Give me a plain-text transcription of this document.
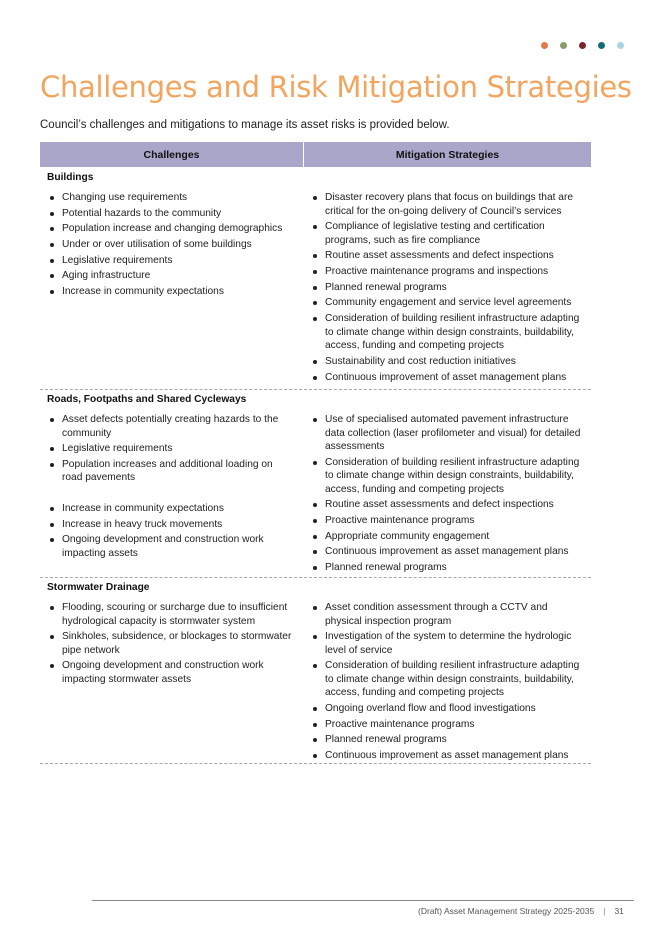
Challenges and Risk Mitigation Strategies

Council’s challenges and mitigations to manage its asset risks is provided below.

Challenges	Mitigation Strategies
Buildings
Changing use requirements
Potential hazards to the community
Population increase and changing demographics
Under or over utilisation of some buildings
Legislative requirements
Aging infrastructure
Increase in community expectations
Disaster recovery plans that focus on buildings that are critical for the on-going delivery of Council’s services
Compliance of legislative testing and certification programs, such as fire compliance
Routine asset assessments and defect inspections
Proactive maintenance programs and inspections
Planned renewal programs
Community engagement and service level agreements
Consideration of building resilient infrastructure adapting to climate change within design constraints, buildability, access, funding and competing projects
Sustainability and cost reduction initiatives
Continuous improvement of asset management plans
Roads, Footpaths and Shared Cycleways
Asset defects potentially creating hazards to the community
Legislative requirements
Population increases and additional loading on road pavements
Increase in community expectations
Increase in heavy truck movements
Ongoing development and construction work impacting assets
Use of specialised automated pavement infrastructure data collection (laser profilometer and visual) for detailed assessments
Consideration of building resilient infrastructure adapting to climate change within design constraints, buildability, access, funding and competing projects
Routine asset assessments and defect inspections
Proactive maintenance programs
Appropriate community engagement
Continuous improvement as asset management plans
Planned renewal programs
Stormwater Drainage
Flooding, scouring or surcharge due to insufficient hydrological capacity is stormwater system
Sinkholes, subsidence, or blockages to stormwater pipe network
Ongoing development and construction work impacting stormwater assets
Asset condition assessment through a CCTV and physical inspection program
Investigation of the system to determine the hydrologic level of service
Consideration of building resilient infrastructure adapting to climate change within design constraints, buildability, access, funding and competing projects
Ongoing overland flow and flood investigations
Proactive maintenance programs
Planned renewal programs
Continuous improvement as asset management plans
(Draft) Asset Management Strategy 2025-2035 | 31
